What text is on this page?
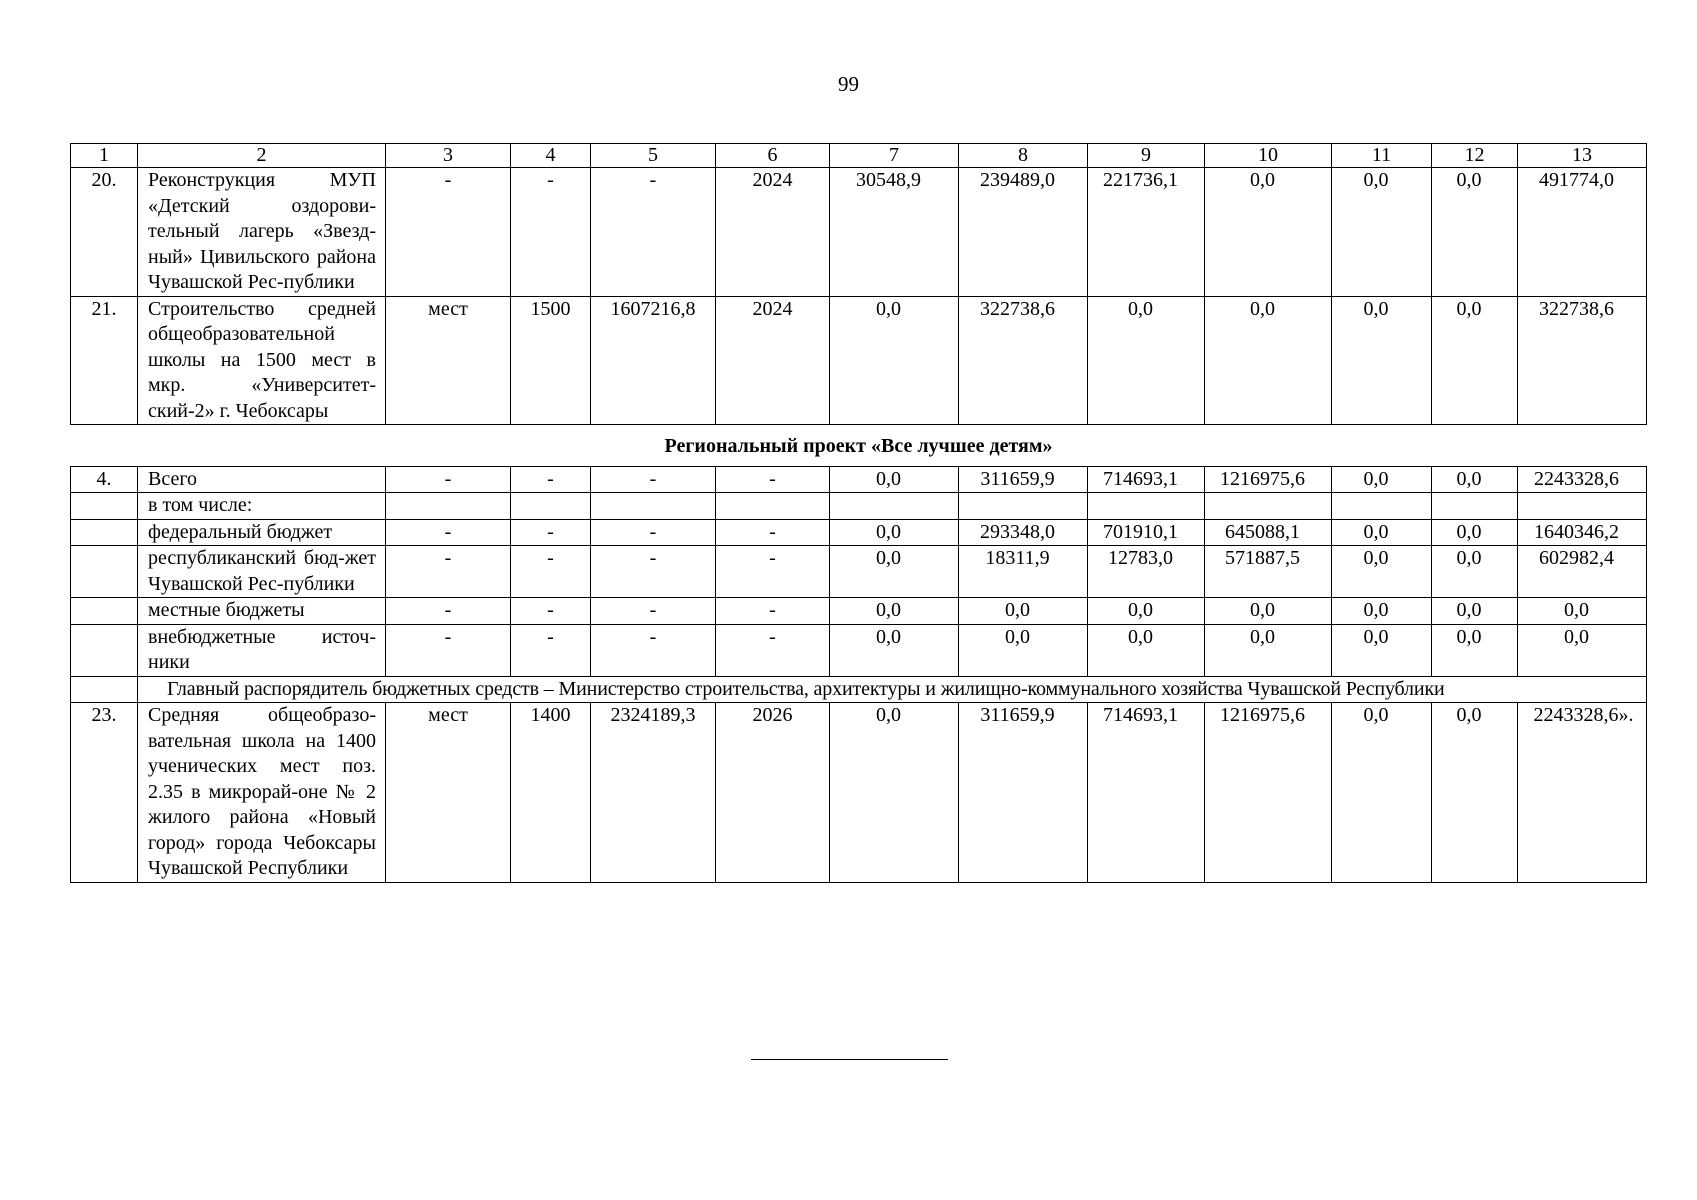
99
1	2	3	4	5	6	7	8	9	10	11	12	13
20.	Реконструкция МУП «Детский оздорови-тельный лагерь «Звезд-ный» Цивильского района Чувашской Рес-публики	-	-	-	2024	30548,9	239489,0	221736,1	0,0	0,0	0,0	491774,0
21.	Строительство средней общеобразовательной школы на 1500 мест в мкр. «Университет-ский-2» г. Чебоксары	мест	1500	1607216,8	2024	0,0	322738,6	0,0	0,0	0,0	0,0	322738,6
Региональный проект «Все лучшее детям»												
4.	Всего	-	-	-	-	0,0	311659,9	714693,1	1216975,6	0,0	0,0	2243328,6
	в том числе:											
	федеральный бюджет	-	-	-	-	0,0	293348,0	701910,1	645088,1	0,0	0,0	1640346,2
	республиканский бюд-жет Чувашской Рес-публики	-	-	-	-	0,0	18311,9	12783,0	571887,5	0,0	0,0	602982,4
	местные бюджеты	-	-	-	-	0,0	0,0	0,0	0,0	0,0	0,0	0,0
	внебюджетные источ-ники	-	-	-	-	0,0	0,0	0,0	0,0	0,0	0,0	0,0
	Главный распорядитель бюджетных средств – Министерство строительства, архитектуры и жилищно-коммунального хозяйства Чувашской Республики											
23.	Средняя общеобразо-вательная школа на 1400 ученических мест поз. 2.35 в микрорай-оне № 2 жилого района «Новый город» города Чебоксары Чувашской Республики	мест	1400	2324189,3	2026	0,0	311659,9	714693,1	1216975,6	0,0	0,0	2243328,6».
